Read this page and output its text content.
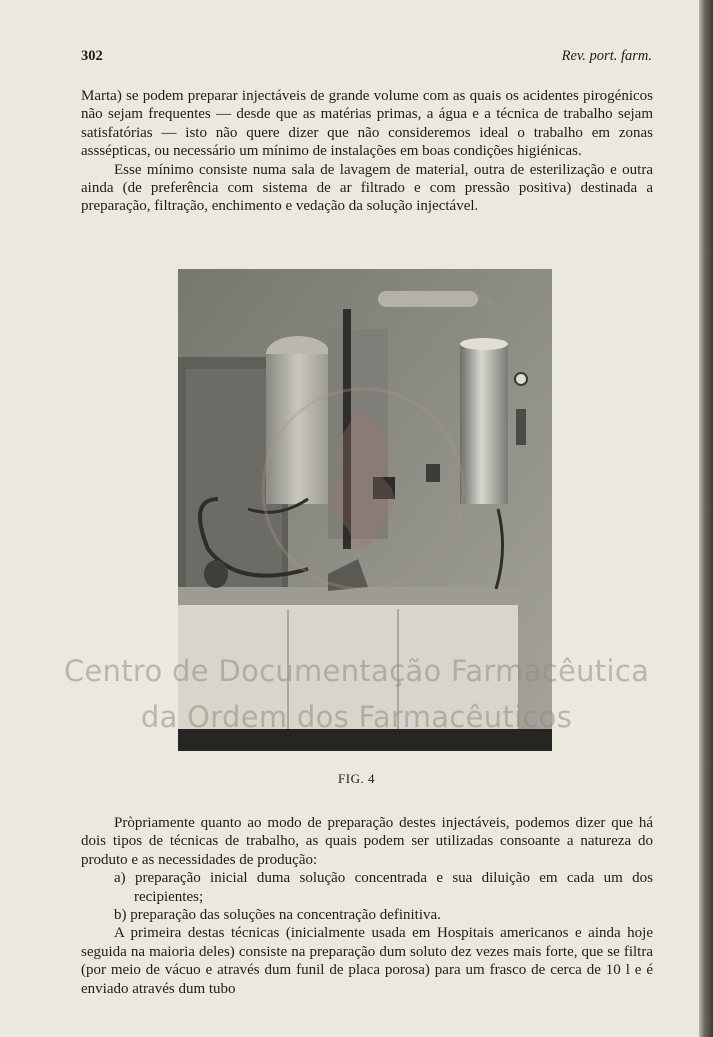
302	Rev. port. farm.

Marta) se podem preparar injectáveis de grande volume com as quais os acidentes pirogénicos não sejam frequentes — desde que as matérias primas, a água e a técnica de trabalho sejam satisfatórias — isto não quere dizer que não consideremos ideal o trabalho em zonas asssépticas, ou necessário um mínimo de instalações em boas condições higiénicas.

Esse mínimo consiste numa sala de lavagem de material, outra de esterilização e outra ainda (de preferência com sistema de ar filtrado e com pressão positiva) destinada a preparação, filtração, enchimento e vedação da solução injectável.

FIG. 4

Pròpriamente quanto ao modo de preparação destes injectáveis, podemos dizer que há dois tipos de técnicas de trabalho, as quais podem ser utilizadas consoante a natureza do produto e as necessidades de produção:

a) preparação inicial duma solução concentrada e sua diluição em cada um dos recipientes;

b) preparação das soluções na concentração definitiva.

A primeira destas técnicas (inicialmente usada em Hospitais americanos e ainda hoje seguida na maioria deles) consiste na preparação dum soluto dez vezes mais forte, que se filtra (por meio de vácuo e através dum funil de placa porosa) para um frasco de cerca de 10 l e é enviado através dum tubo

Centro de Documentação Farmacêutica
da Ordem dos Farmacêuticos
